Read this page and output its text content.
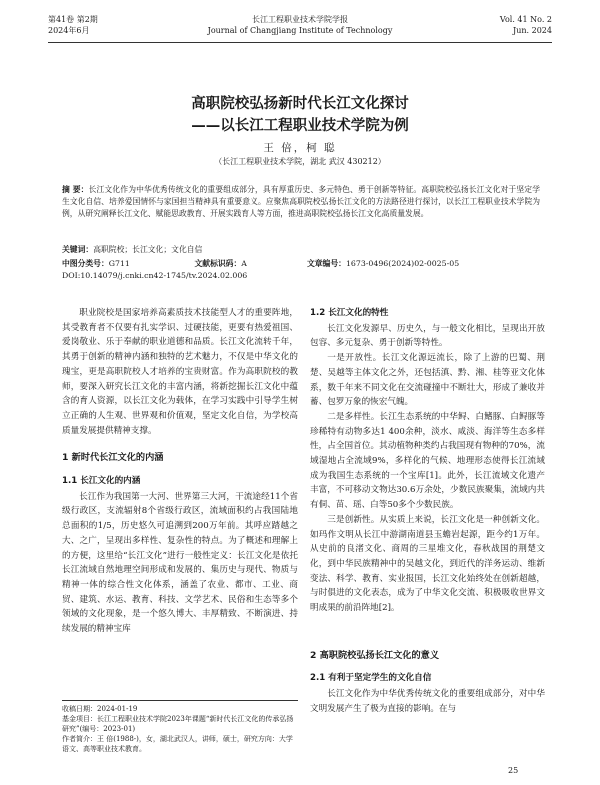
第41卷 第2期
2024年6月
长江工程职业技术学院学报
Journal of Changjiang Institute of Technology
Vol. 41 No. 2
Jun. 2024
高职院校弘扬新时代长江文化探讨
——以长江工程职业技术学院为例
王 倍，柯 聪
（长江工程职业技术学院，湖北 武汉 430212）
摘 要：长江文化作为中华优秀传统文化的重要组成部分，具有厚重历史、多元特色、勇于创新等特征。高职院校弘扬长江文化对于坚定学生文化自信、培养爱国情怀与家国担当精神具有重要意义。应聚焦高职院校弘扬长江文化的方法路径进行探讨，以长江工程职业技术学院为例，从研究阐释长江文化、赋能思政教育、开展实践育人等方面，推进高职院校弘扬长江文化高质量发展。
关键词：高职院校；长江文化；文化自信
中图分类号：G711	文献标识码：A	文章编号：1673-0496(2024)02-0025-05
DOI:10.14079/j.cnki.cn42-1745/tv.2024.02.006

职业院校是国家培养高素质技术技能型人才的重要阵地，其受教育者不仅要有扎实学识、过硬技能，更要有热爱祖国、爱岗敬业、乐于奉献的职业道德和品质。长江文化流转千年，其勇于创新的精神内涵和独特的艺术魅力，不仅是中华文化的瑰宝，更是高职院校人才培养的宝贵财富。作为高职院校的教师，要深入研究长江文化的丰富内涵，将新挖掘长江文化中蕴含的育人资源，以长江文化为载体，在学习实践中引导学生树立正确的人生观、世界观和价值观，坚定文化自信，为学校高质量发展提供精神支撑。

1 新时代长江文化的内涵
1.1 长江文化的内涵

长江作为我国第一大河、世界第三大河，干流途经11个省级行政区，支流辐射8个省级行政区，流域面积约占我国陆地总面积的1/5，历史悠久可追溯到200万年前。其呼应踏越之大、之广，呈现出多样性、复杂性的特点。为了概述和理解上的方便，这里给“长江文化”进行一般性定义：长江文化是依托长江流域自然地理空间形成和发展的、集历史与现代、物质与精神一体的综合性文化体系，涵盖了农业、都市、工业、商贸、建筑、水运、教育、科技、文学艺术、民俗和生态等多个领域的文化现象，是一个悠久博大、丰厚精致、不断演进、持续发展的精神宝库

1.2 长江文化的特性

长江文化发源早、历史久，与一般文化相比，呈现出开放包容、多元复杂、勇于创新等特性。

一是开放性。长江文化源远流长，除了上游的巴蜀、荆楚、吴越等主体文化之外，还包括滇、黔、湘、桂等亚文化体系，数千年来不同文化在交流碰撞中不断壮大，形成了兼收并蓄、包罗万象的恢宏气魄。

二是多样性。长江生态系统的中华鲟、白鳍豚、白鲟豚等珍稀特有动物多达1 400余种，淡水、咸淡、海洋等生态多样性，占全国首位。其动植物种类约占我国现有物种的70%，流域湿地占全流域9%，多样化的气候、地理形态使得长江流域成为我国生态系统的一个宝库[1]。此外，长江流域文化遗产丰富，不可移动文物达30.6万余处，少数民族聚集，流域内共有侗、苗、瑶、白等50多个少数民族。

三是创新性。从实质上来说，长江文化是一种创新文化。如玛作文明从长江中游湖南道县玉蟾岩起源，距今约1万年。从史前的良渚文化、商周的三星堆文化，春秋战国的荆楚文化，到中华民族精神中的吴越文化，到近代的洋务运动、维新变法、科学、教育、实业报国，长江文化始终处在创新超越，与时俱进的文化表态，成为了中华文化交流、积极吸收世界文明成果的前沿阵地[2]。

2 高职院校弘扬长江文化的意义
2.1 有利于坚定学生的文化自信

长江文化作为中华优秀传统文化的重要组成部分，对中华文明发展产生了极为直接的影响。在与

收稿日期：2024-01-19
基金项目：长江工程职业技术学院2023年课题“新时代长江文化的传承弘扬研究”(编号：2023-01)
作者简介：王 倍(1988-)，女，湖北武汉人，讲师，硕士，研究方向：大学语文、高等职业技术教育。
25
